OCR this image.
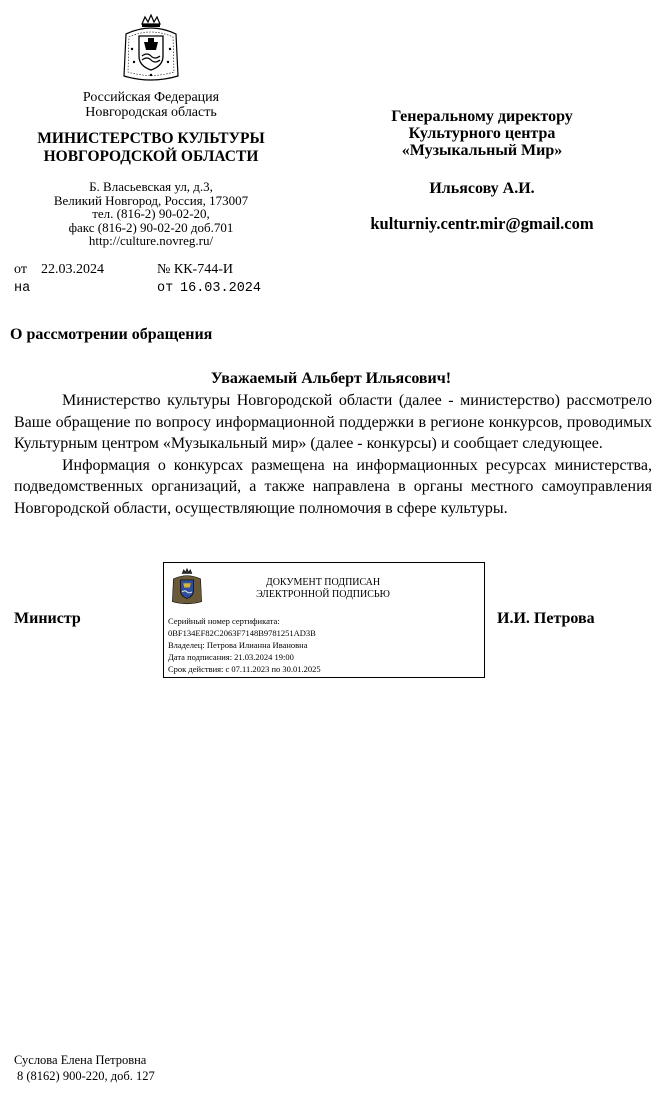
Российская Федерация
Новгородская область
МИНИСТЕРСТВО КУЛЬТУРЫ
НОВГОРОДСКОЙ ОБЛАСТИ
Б. Власьевская ул, д.3,
Великий Новгород, Россия, 173007
тел. (816-2) 90-02-20,
факс (816-2) 90-02-20 доб.701
http://culture.novreg.ru/
Генеральному директору
Культурного центра
«Музыкальный Мир»
Ильясову А.И.
kulturniy.centr.mir@gmail.com
от 22.03.2024	№ КК-744-И
на	от 16.03.2024
О рассмотрении обращения
Уважаемый Альберт Ильясович!

Министерство культуры Новгородской области (далее - министерство) рассмотрело Ваше обращение по вопросу информационной поддержки в регионе конкурсов, проводимых Культурным центром «Музыкальный мир» (далее - конкурсы) и сообщает следующее.

Информация о конкурсах размещена на информационных ресурсах министерства, подведомственных организаций, а также направлена в органы местного самоуправления Новгородской области, осуществляющие полномочия в сфере культуры.

Министр	И.И. Петрова
ДОКУМЕНТ ПОДПИСАН
ЭЛЕКТРОННОЙ ПОДПИСЬЮ
Серийный номер сертификата:
0BF134EF82C2063F7148B9781251AD3B
Владелец: Петрова Илианна Ивановна
Дата подписания: 21.03.2024 19:00
Срок действия: с 07.11.2023 по 30.01.2025
Суслова Елена Петровна
8 (8162) 900-220, доб. 127
